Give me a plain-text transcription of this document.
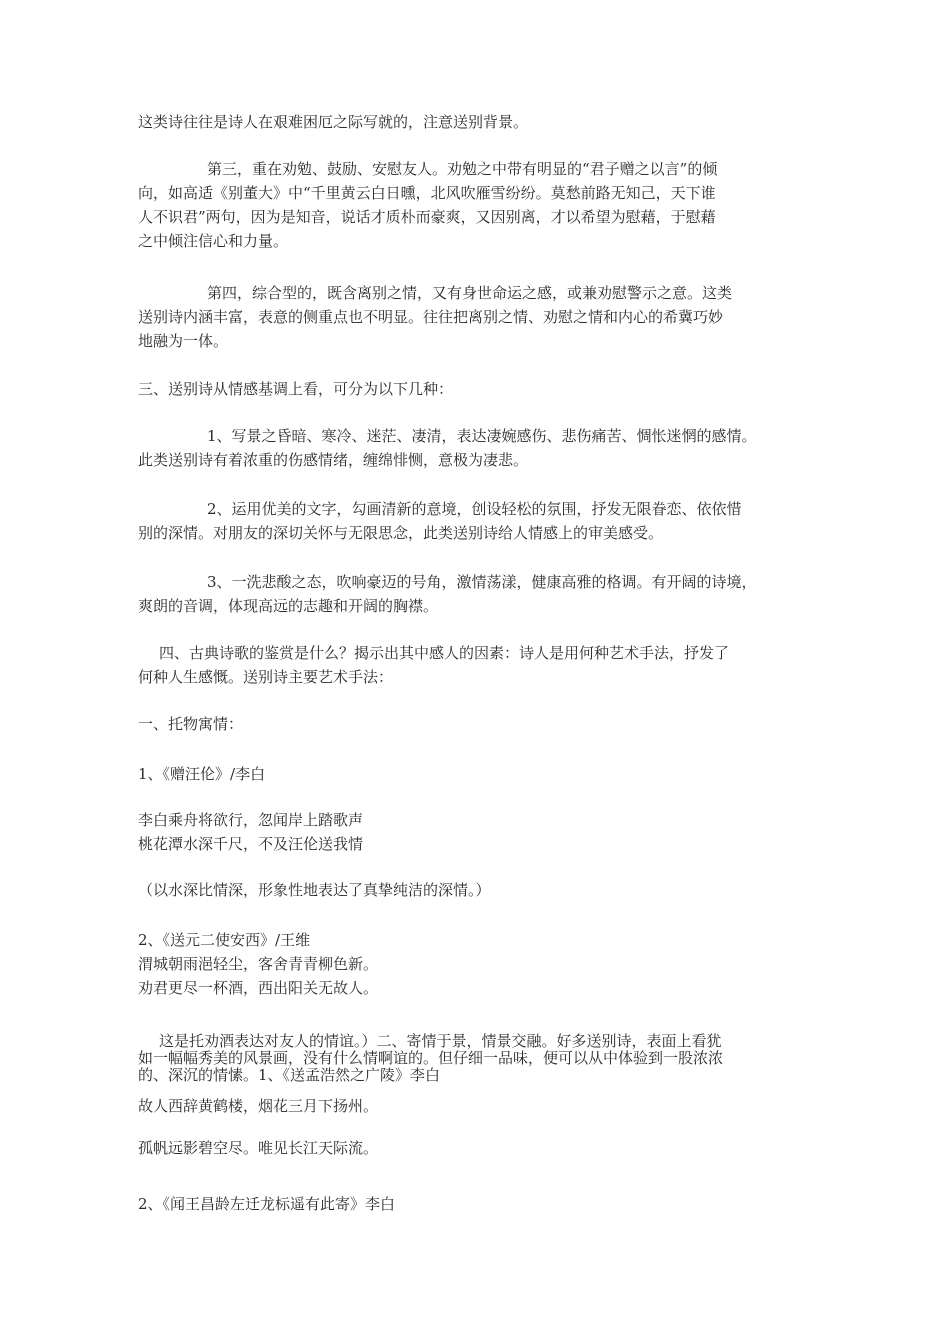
这类诗往往是诗人在艰难困厄之际写就的，注意送别背景。

第三，重在劝勉、鼓励、安慰友人。劝勉之中带有明显的“君子赠之以言”的倾
向，如高适《别董大》中“千里黄云白日曛，北风吹雁雪纷纷。莫愁前路无知己，天下谁
人不识君”两句，因为是知音，说话才质朴而豪爽，又因别离，才以希望为慰藉，于慰藉
之中倾注信心和力量。

第四，综合型的，既含离别之情，又有身世命运之感，或兼劝慰警示之意。这类
送别诗内涵丰富，表意的侧重点也不明显。往往把离别之情、劝慰之情和内心的希冀巧妙
地融为一体。

三、送别诗从情感基调上看，可分为以下几种：

1、写景之昏暗、寒冷、迷茫、凄清，表达凄婉感伤、悲伤痛苦、惆怅迷惘的感情。
此类送别诗有着浓重的伤感情绪，缠绵悱恻，意极为凄悲。

2、运用优美的文字，勾画清新的意境，创设轻松的氛围，抒发无限眷恋、依依惜
别的深情。对朋友的深切关怀与无限思念，此类送别诗给人情感上的审美感受。

3、一洗悲酸之态，吹响豪迈的号角，激情荡漾，健康高雅的格调。有开阔的诗境，
爽朗的音调，体现高远的志趣和开阔的胸襟。

四、古典诗歌的鉴赏是什么？揭示出其中感人的因素：诗人是用何种艺术手法，抒发了
何种人生感慨。送别诗主要艺术手法：

一、托物寓情：

1、《赠汪伦》/李白

李白乘舟将欲行，忽闻岸上踏歌声
桃花潭水深千尺，不及汪伦送我情

（以水深比情深，形象性地表达了真挚纯洁的深情。）

2、《送元二使安西》/王维
渭城朝雨浥轻尘，客舍青青柳色新。
劝君更尽一杯酒，西出阳关无故人。

这是托劝酒表达对友人的情谊。）二、寄情于景，情景交融。好多送别诗，表面上看犹
如一幅幅秀美的风景画，没有什么情啊谊的。但仔细一品味，便可以从中体验到一股浓浓
的、深沉的情愫。1、《送孟浩然之广陵》李白

故人西辞黄鹤楼，烟花三月下扬州。

孤帆远影碧空尽。唯见长江天际流。

2、《闻王昌龄左迁龙标遥有此寄》李白
